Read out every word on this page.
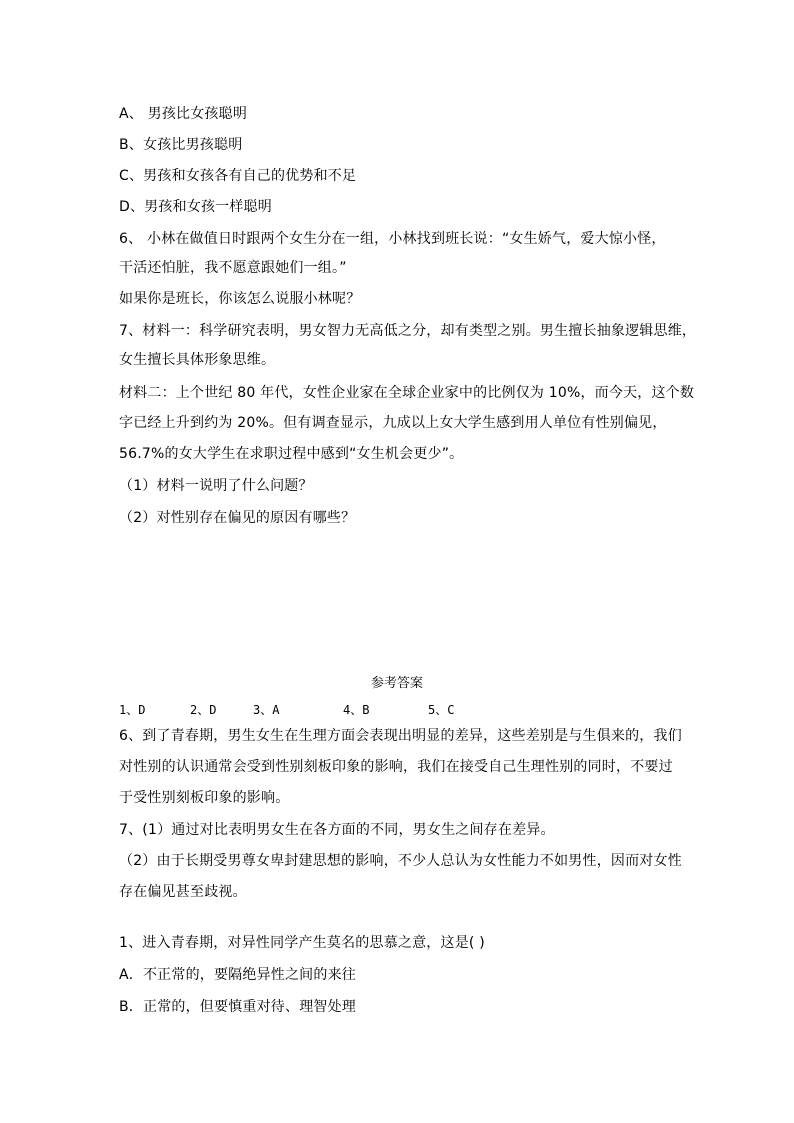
A、 男孩比女孩聪明
B、女孩比男孩聪明
C、男孩和女孩各有自己的优势和不足
D、男孩和女孩一样聪明
6、 小林在做值日时跟两个女生分在一组，小林找到班长说：“女生娇气，爱大惊小怪，
干活还怕脏，我不愿意跟她们一组。”
如果你是班长，你该怎么说服小林呢？
7、材料一：科学研究表明，男女智力无高低之分，却有类型之别。男生擅长抽象逻辑思维，
女生擅长具体形象思维。
材料二：上个世纪 80 年代，女性企业家在全球企业家中的比例仅为 10%，而今天，这个数
字已经上升到约为 20%。但有调查显示，九成以上女大学生感到用人单位有性别偏见，
56.7%的女大学生在求职过程中感到“女生机会更少”。
（1）材料一说明了什么问题？
（2）对性别存在偏见的原因有哪些？
参考答案
1、D	2、D	3、A	4、B	5、C
6、到了青春期，男生女生在生理方面会表现出明显的差异，这些差别是与生俱来的，我们
对性别的认识通常会受到性别刻板印象的影响，我们在接受自己生理性别的同时，不要过
于受性别刻板印象的影响。
7、(1）通过对比表明男女生在各方面的不同，男女生之间存在差异。
（2）由于长期受男尊女卑封建思想的影响，不少人总认为女性能力不如男性，因而对女性
存在偏见甚至歧视。
1、进入青春期，对异性同学产生莫名的思慕之意，这是( )
A．不正常的，要隔绝异性之间的来往
B．正常的，但要慎重对待、理智处理
